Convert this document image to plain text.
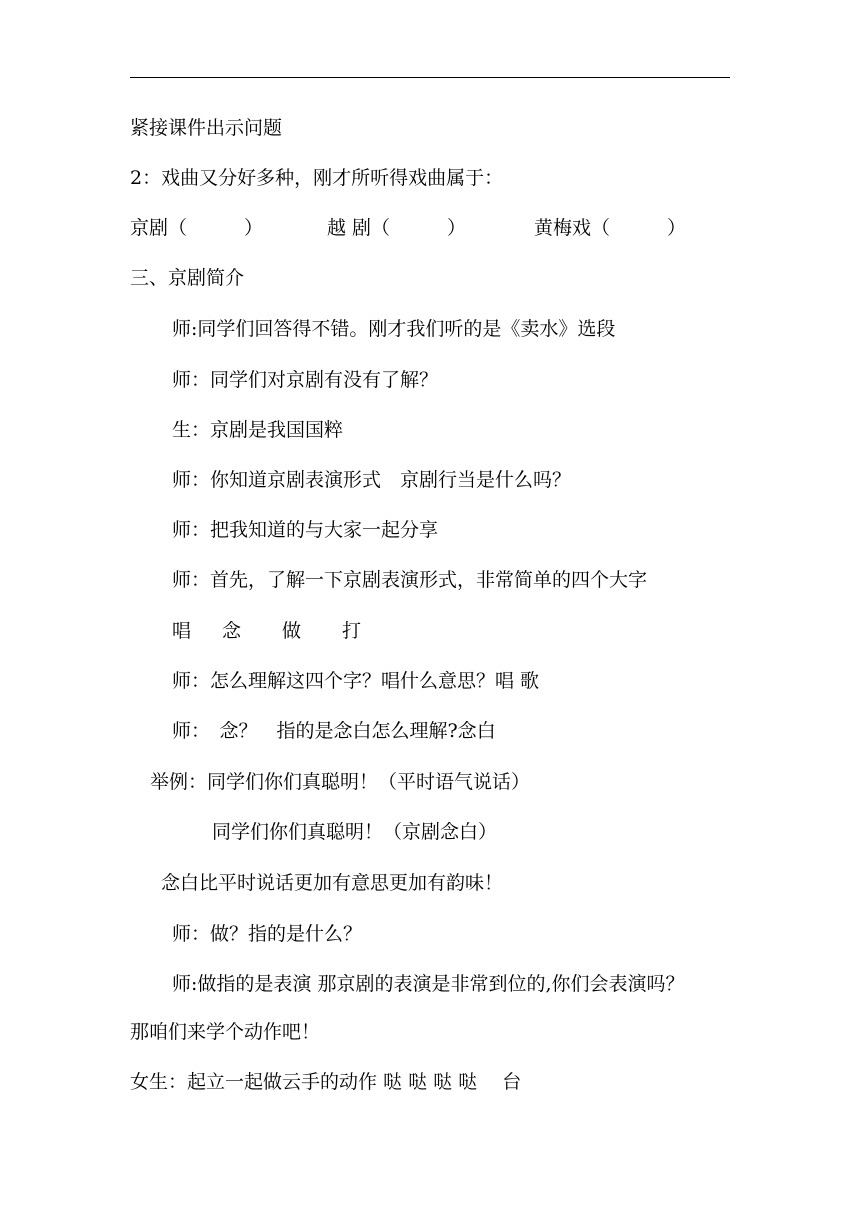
紧接课件出示问题
2：戏曲又分好多种，刚才所听得戏曲属于：
京剧（　　　）	越 剧（　　　）	黄梅戏（　　　）
三、京剧简介
师:同学们回答得不错。刚才我们听的是《卖水》选段
师：同学们对京剧有没有了解？
生：京剧是我国国粹
师：你知道京剧表演形式　京剧行当是什么吗？
师：把我知道的与大家一起分享
师：首先，了解一下京剧表演形式，非常简单的四个大字
唱 念 做 打
师：怎么理解这四个字？唱什么意思？唱 歌
师：　念？　指的是念白怎么理解?念白
举例：同学们你们真聪明！（平时语气说话）
同学们你们真聪明！（京剧念白）
念白比平时说话更加有意思更加有韵味！
师：做？指的是什么？
师:做指的是表演 那京剧的表演是非常到位的,你们会表演吗？
那咱们来学个动作吧！
女生：起立一起做云手的动作 哒 哒 哒 哒　 台
